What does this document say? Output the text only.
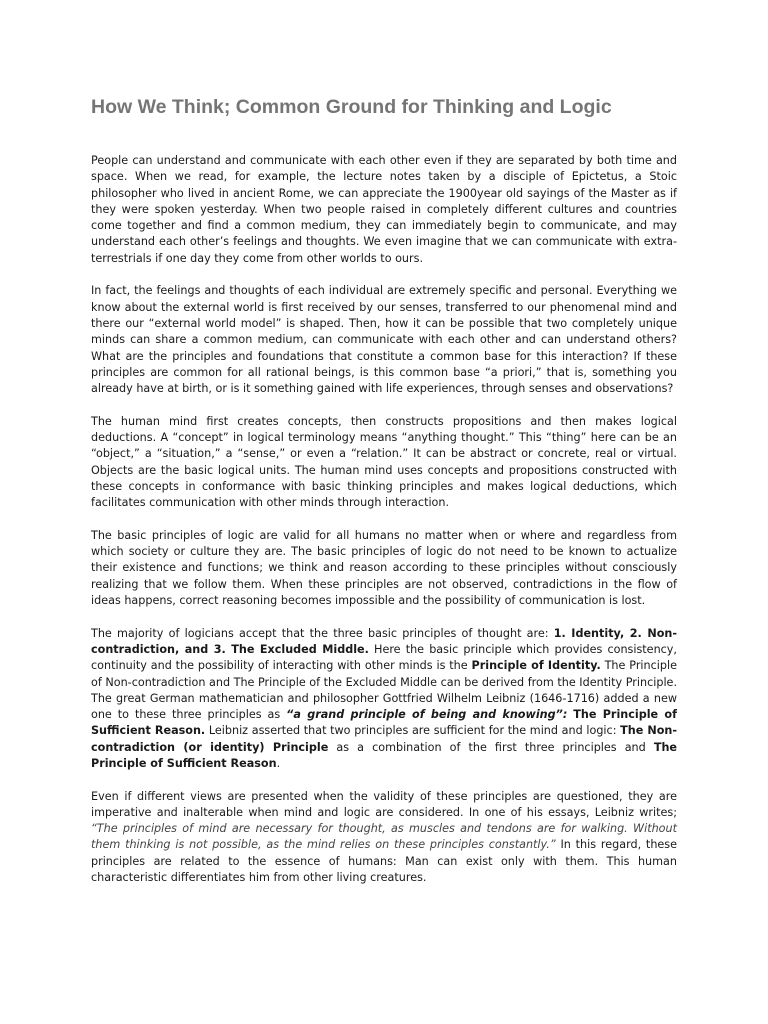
How We Think; Common Ground for Thinking and Logic

People can understand and communicate with each other even if they are separated by both time and space. When we read, for example, the lecture notes taken by a disciple of Epictetus, a Stoic philosopher who lived in ancient Rome, we can appreciate the 1900year old sayings of the Master as if they were spoken yesterday. When two people raised in completely different cultures and countries come together and find a common medium, they can immediately begin to communicate, and may understand each other’s feelings and thoughts. We even imagine that we can communicate with extra-terrestrials if one day they come from other worlds to ours.

In fact, the feelings and thoughts of each individual are extremely specific and personal. Everything we know about the external world is first received by our senses, transferred to our phenomenal mind and there our “external world model” is shaped. Then, how it can be possible that two completely unique minds can share a common medium, can communicate with each other and can understand others? What are the principles and foundations that constitute a common base for this interaction? If these principles are common for all rational beings, is this common base “a priori,” that is, something you already have at birth, or is it something gained with life experiences, through senses and observations?

The human mind first creates concepts, then constructs propositions and then makes logical deductions. A “concept” in logical terminology means “anything thought.” This “thing” here can be an “object,” a “situation,” a “sense,” or even a “relation.” It can be abstract or concrete, real or virtual. Objects are the basic logical units. The human mind uses concepts and propositions constructed with these concepts in conformance with basic thinking principles and makes logical deductions, which facilitates communication with other minds through interaction.

The basic principles of logic are valid for all humans no matter when or where and regardless from which society or culture they are. The basic principles of logic do not need to be known to actualize their existence and functions; we think and reason according to these principles without consciously realizing that we follow them. When these principles are not observed, contradictions in the flow of ideas happens, correct reasoning becomes impossible and the possibility of communication is lost.

The majority of logicians accept that the three basic principles of thought are: 1. Identity, 2. Non-contradiction, and 3. The Excluded Middle. Here the basic principle which provides consistency, continuity and the possibility of interacting with other minds is the Principle of Identity. The Principle of Non-contradiction and The Principle of the Excluded Middle can be derived from the Identity Principle. The great German mathematician and philosopher Gottfried Wilhelm Leibniz (1646-1716) added a new one to these three principles as “a grand principle of being and knowing”: The Principle of Sufficient Reason. Leibniz asserted that two principles are sufficient for the mind and logic: The Non-contradiction (or identity) Principle as a combination of the first three principles and The Principle of Sufficient Reason.

Even if different views are presented when the validity of these principles are questioned, they are imperative and inalterable when mind and logic are considered. In one of his essays, Leibniz writes; “The principles of mind are necessary for thought, as muscles and tendons are for walking. Without them thinking is not possible, as the mind relies on these principles constantly.” In this regard, these principles are related to the essence of humans: Man can exist only with them. This human characteristic differentiates him from other living creatures.
